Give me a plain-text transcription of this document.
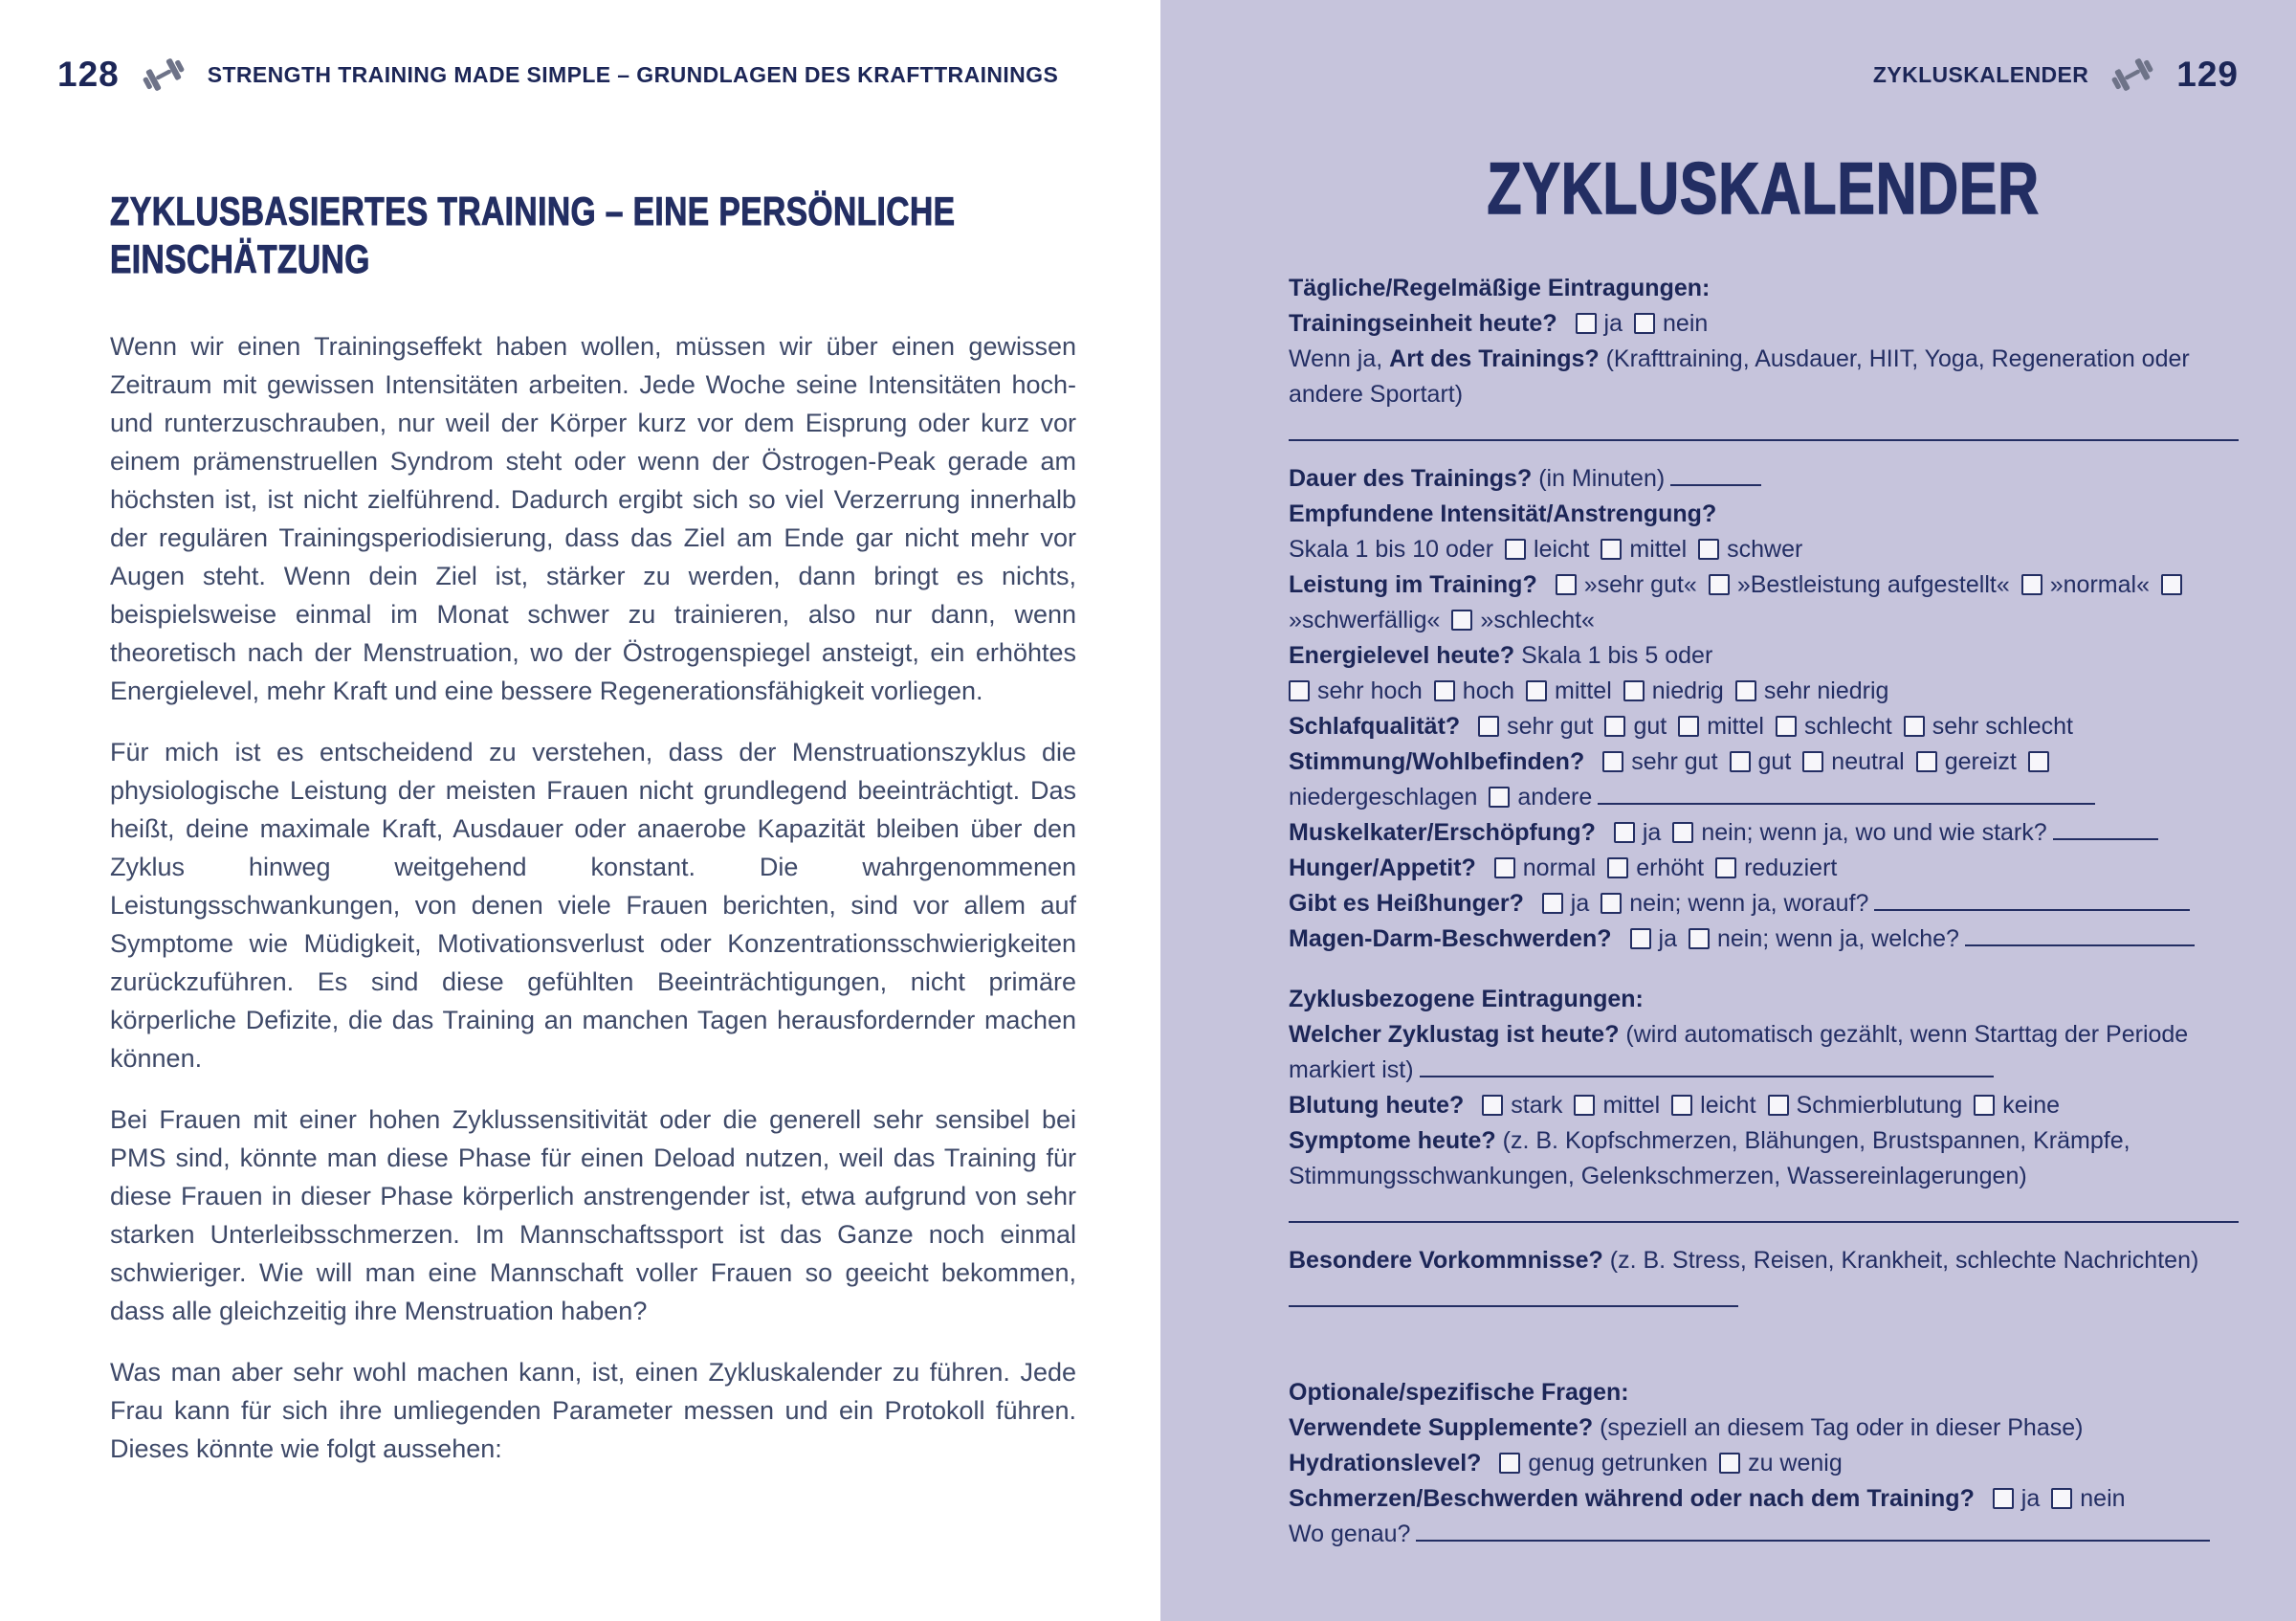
128	STRENGTH TRAINING MADE SIMPLE – GRUNDLAGEN DES KRAFTTRAININGS
ZYKLUSBASIERTES TRAINING – EINE PERSÖNLICHE
EINSCHÄTZUNG

Wenn wir einen Trainingseffekt haben wollen, müssen wir über einen gewissen Zeitraum mit gewissen Intensitäten arbeiten. Jede Woche seine Intensitäten hoch- und runterzuschrauben, nur weil der Körper kurz vor dem Eisprung oder kurz vor einem prämenstruellen Syndrom steht oder wenn der Östrogen-Peak gerade am höchsten ist, ist nicht zielführend. Dadurch ergibt sich so viel Verzerrung innerhalb der regulären Trainingsperiodisierung, dass das Ziel am Ende gar nicht mehr vor Augen steht. Wenn dein Ziel ist, stärker zu werden, dann bringt es nichts, beispielsweise einmal im Monat schwer zu trainieren, also nur dann, wenn theoretisch nach der Menstruation, wo der Östrogenspiegel ansteigt, ein erhöhtes Energielevel, mehr Kraft und eine bessere Regenerationsfähigkeit vorliegen.

Für mich ist es entscheidend zu verstehen, dass der Menstruationszyklus die physiologische Leistung der meisten Frauen nicht grundlegend beeinträchtigt. Das heißt, deine maximale Kraft, Ausdauer oder anaerobe Kapazität bleiben über den Zyklus hinweg weitgehend konstant. Die wahrgenommenen Leistungsschwankungen, von denen viele Frauen berichten, sind vor allem auf Symptome wie Müdigkeit, Motivationsverlust oder Konzentrationsschwierigkeiten zurückzuführen. Es sind diese gefühlten Beeinträchtigungen, nicht primäre körperliche Defizite, die das Training an manchen Tagen herausfordernder machen können.

Bei Frauen mit einer hohen Zyklussensitivität oder die generell sehr sensibel bei PMS sind, könnte man diese Phase für einen Deload nutzen, weil das Training für diese Frauen in dieser Phase körperlich anstrengender ist, etwa aufgrund von sehr starken Unterleibsschmerzen. Im Mannschaftssport ist das Ganze noch einmal schwieriger. Wie will man eine Mannschaft voller Frauen so geeicht bekommen, dass alle gleichzeitig ihre Menstruation haben?

Was man aber sehr wohl machen kann, ist, einen Zykluskalender zu führen. Jede Frau kann für sich ihre umliegenden Parameter messen und ein Protokoll führen. Dieses könnte wie folgt aussehen:

ZYKLUSKALENDER 129
ZYKLUSKALENDER
Tägliche/Regelmäßige Eintragungen:
Trainingseinheit heute? ja nein
Wenn ja, Art des Trainings? (Krafttraining, Ausdauer, HIIT, Yoga, Regeneration oder andere Sportart)
Dauer des Trainings? (in Minuten)
Empfundene Intensität/Anstrengung?
Skala 1 bis 10 oder leicht mittel schwer
Leistung im Training? »sehr gut« »Bestleistung aufgestellt« »normal«»schwerfällig« »schlecht«
Energielevel heute? Skala 1 bis 5 oder
sehr hoch hoch mittel niedrig sehr niedrig
Schlafqualität? sehr gut gut mittel schlecht sehr schlecht
Stimmung/Wohlbefinden? sehr gut gut neutral gereiztniedergeschlagen andere
Muskelkater/Erschöpfung? ja nein; wenn ja, wo und wie stark?
Hunger/Appetit? normal erhöht reduziert
Gibt es Heißhunger? ja nein; wenn ja, worauf?
Magen-Darm-Beschwerden? ja nein; wenn ja, welche?
Zyklusbezogene Eintragungen:
Welcher Zyklustag ist heute? (wird automatisch gezählt, wenn Starttag der Periode markiert ist)
Blutung heute? stark mittel leicht Schmierblutung keine
Symptome heute? (z. B. Kopfschmerzen, Blähungen, Brustspannen, Krämpfe, Stimmungsschwankungen, Gelenkschmerzen, Wassereinlagerungen)
Besondere Vorkommnisse? (z. B. Stress, Reisen, Krankheit, schlechte Nachrichten)
Optionale/spezifische Fragen:
Verwendete Supplemente? (speziell an diesem Tag oder in dieser Phase)
Hydrationslevel? genug getrunken zu wenig
Schmerzen/Beschwerden während oder nach dem Training? ja nein
Wo genau?
